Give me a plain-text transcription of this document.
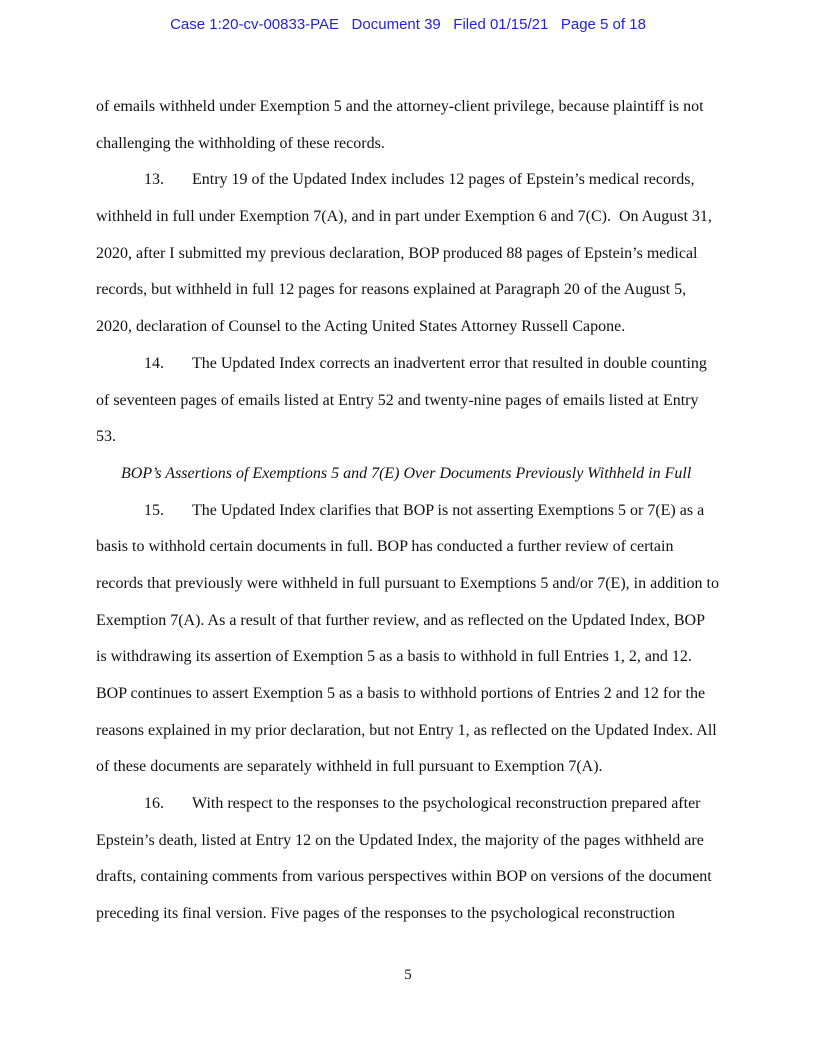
Case 1:20-cv-00833-PAE   Document 39   Filed 01/15/21   Page 5 of 18
of emails withheld under Exemption 5 and the attorney-client privilege, because plaintiff is not
challenging the withholding of these records.
13. Entry 19 of the Updated Index includes 12 pages of Epstein’s medical records,
withheld in full under Exemption 7(A), and in part under Exemption 6 and 7(C).  On August 31,
2020, after I submitted my previous declaration, BOP produced 88 pages of Epstein’s medical
records, but withheld in full 12 pages for reasons explained at Paragraph 20 of the August 5,
2020, declaration of Counsel to the Acting United States Attorney Russell Capone.
14. The Updated Index corrects an inadvertent error that resulted in double counting
of seventeen pages of emails listed at Entry 52 and twenty-nine pages of emails listed at Entry
53.
BOP’s Assertions of Exemptions 5 and 7(E) Over Documents Previously Withheld in Full
15. The Updated Index clarifies that BOP is not asserting Exemptions 5 or 7(E) as a
basis to withhold certain documents in full. BOP has conducted a further review of certain
records that previously were withheld in full pursuant to Exemptions 5 and/or 7(E), in addition to
Exemption 7(A). As a result of that further review, and as reflected on the Updated Index, BOP
is withdrawing its assertion of Exemption 5 as a basis to withhold in full Entries 1, 2, and 12.
BOP continues to assert Exemption 5 as a basis to withhold portions of Entries 2 and 12 for the
reasons explained in my prior declaration, but not Entry 1, as reflected on the Updated Index. All
of these documents are separately withheld in full pursuant to Exemption 7(A).
16. With respect to the responses to the psychological reconstruction prepared after
Epstein’s death, listed at Entry 12 on the Updated Index, the majority of the pages withheld are
drafts, containing comments from various perspectives within BOP on versions of the document
preceding its final version. Five pages of the responses to the psychological reconstruction
5
